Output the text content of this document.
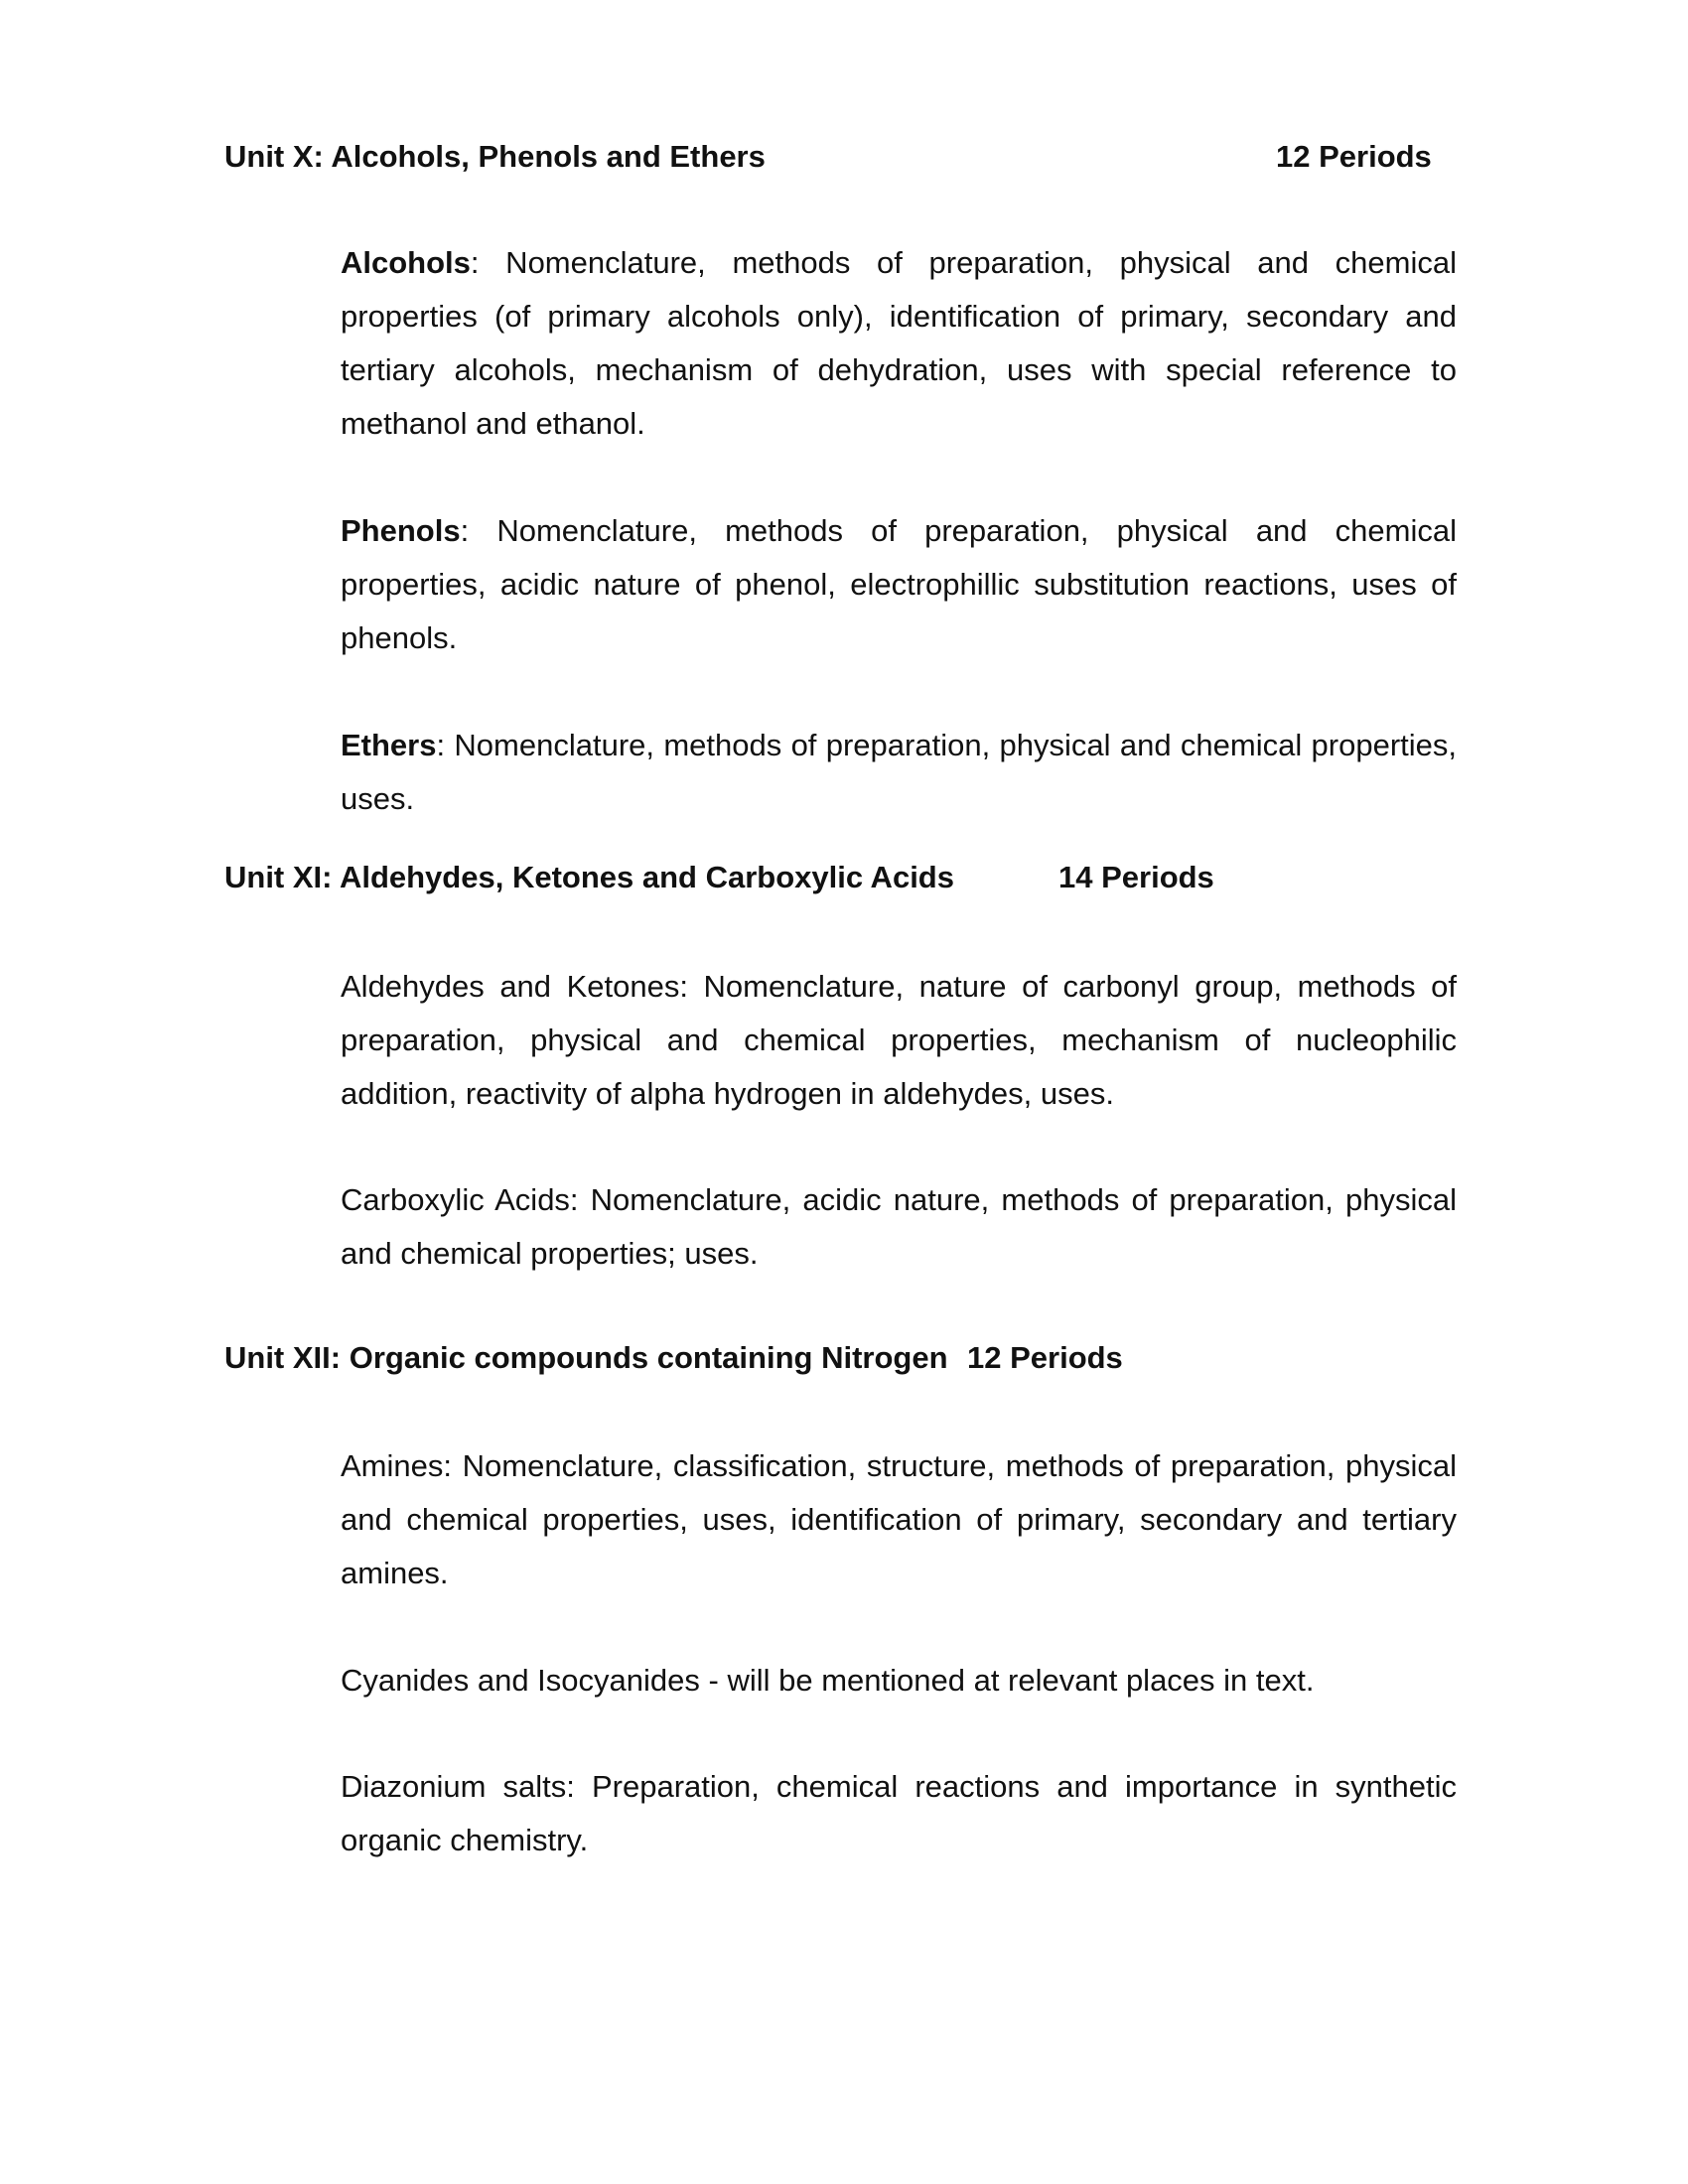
Unit X: Alcohols, Phenols and Ethers	12 Periods

Alcohols: Nomenclature, methods of preparation, physical and chemical properties (of primary alcohols only), identification of primary, secondary and tertiary alcohols, mechanism of dehydration, uses with special reference to methanol and ethanol.

Phenols: Nomenclature, methods of preparation, physical and chemical properties, acidic nature of phenol, electrophillic substitution reactions, uses of phenols.

Ethers: Nomenclature, methods of preparation, physical and chemical properties, uses.

Unit XI: Aldehydes, Ketones and Carboxylic Acids	14 Periods

Aldehydes and Ketones: Nomenclature, nature of carbonyl group, methods of preparation, physical and chemical properties, mechanism of nucleophilic addition, reactivity of alpha hydrogen in aldehydes, uses.

Carboxylic Acids: Nomenclature, acidic nature, methods of preparation, physical and chemical properties; uses.

Unit XII: Organic compounds containing Nitrogen 12 Periods

Amines: Nomenclature, classification, structure, methods of preparation, physical and chemical properties, uses, identification of primary, secondary and tertiary amines.

Cyanides and Isocyanides - will be mentioned at relevant places in text.

Diazonium salts: Preparation, chemical reactions and importance in synthetic organic chemistry.
